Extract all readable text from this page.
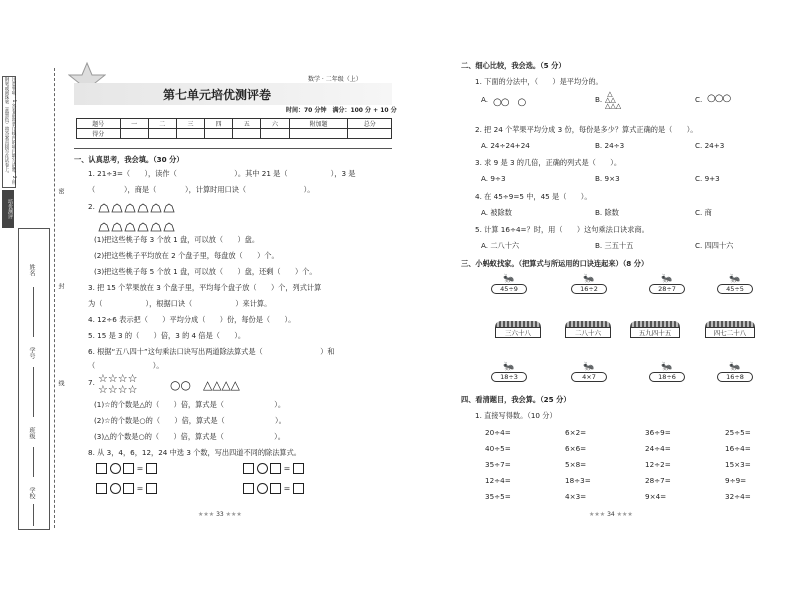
注意事项：1.答卷前将装订线内的项目填写清楚。2.用钢笔或圆珠笔（蓝黑色）将答案直接写在试卷上。
培优测评
姓名
学号
班级
学校
密
封
线
数学 · 二年级（上）
第七单元培优测评卷
时间：70 分钟　满分：100 分 + 10 分
题号	一	二	三	四	五	六	附加题	总分
得分								
一、认真思考，我会填。（30 分）
1. 21÷3=（　　），读作（　　　　　　　　）。其中 21 是（　　　　　　），3 是
（　　　　），商是（　　　　），计算时用口诀（　　　　　　　　）。
2.

(1)把这些桃子每 3 个放 1 盘，可以放（　　）盘。
(2)把这些桃子平均放在 2 个盘子里，每盘放（　　）个。
(3)把这些桃子每 5 个放 1 盘，可以放（　　）盘，还剩（　　）个。
3. 把 15 个苹果放在 3 个盘子里，平均每个盘子放（　　）个，列式计算
为（　　　　　　），根据口诀（　　　　　　）来计算。
4. 12÷6 表示把（　　）平均分成（　　）份，每份是（　　）。
5. 15 是 3 的（　　）倍，3 的 4 倍是（　　）。
6. 根据“五八四十”这句乘法口诀写出两道除法算式是（　　　　　　　　）和
（　　　　　　　　）。
7. ☆☆☆☆
☆☆☆☆	○○ △△△△
(1)☆的个数是△的（　　）倍，算式是（　　　　　　　）。
(2)☆的个数是○的（　　）倍，算式是（　　　　　　　）。
(3)△的个数是○的（　　）倍，算式是（　　　　　　　）。
8. 从 3，4，6，12，24 中选 3 个数，写出四道不同的除法算式。
=	=
=	=
★★★ 33 ★★★
二、细心比较，我会选。（5 分）
1. 下面的分法中，（　　）是平均分的。
A. ○○　○	B.
△
△△
△△△
C. ○○○
2. 把 24 个苹果平均分成 3 份，每份是多少？算式正确的是（　　）。
A. 24÷24+24	B. 24÷3	C. 24+3
3. 求 9 是 3 的几倍，正确的列式是（　　）。
A. 9÷3	B. 9×3	C. 9+3
4. 在 45÷9=5 中，45 是（　　）。
A. 被除数	B. 除数	C. 商
5. 计算 16÷4=？时，用（　　）这句乘法口诀求商。
A. 二八十六	B. 三五十五	C. 四四十六
三、小蚂蚁找家。（把算式与所运用的口诀连起来）（8 分）
🐜
45÷9
🐜
16÷2
🐜
28÷7
🐜
45÷5
三六十八	二八十六	五九四十五	四七二十八
🐜
18÷3
🐜
4×7
🐜
18÷6
🐜
16÷8
四、看清题目，我会算。（25 分）
1. 直接写得数。（10 分）
20÷4=	6×2=	36÷9=	25÷5=
40÷5=	6×6=	24÷4=	16÷4=
35÷7=	5×8=	12÷2=	15×3=
12÷4=	18÷3=	28÷7=	9÷9=
35÷5=	4×3=	9×4=	32÷4=
★★★ 34 ★★★
